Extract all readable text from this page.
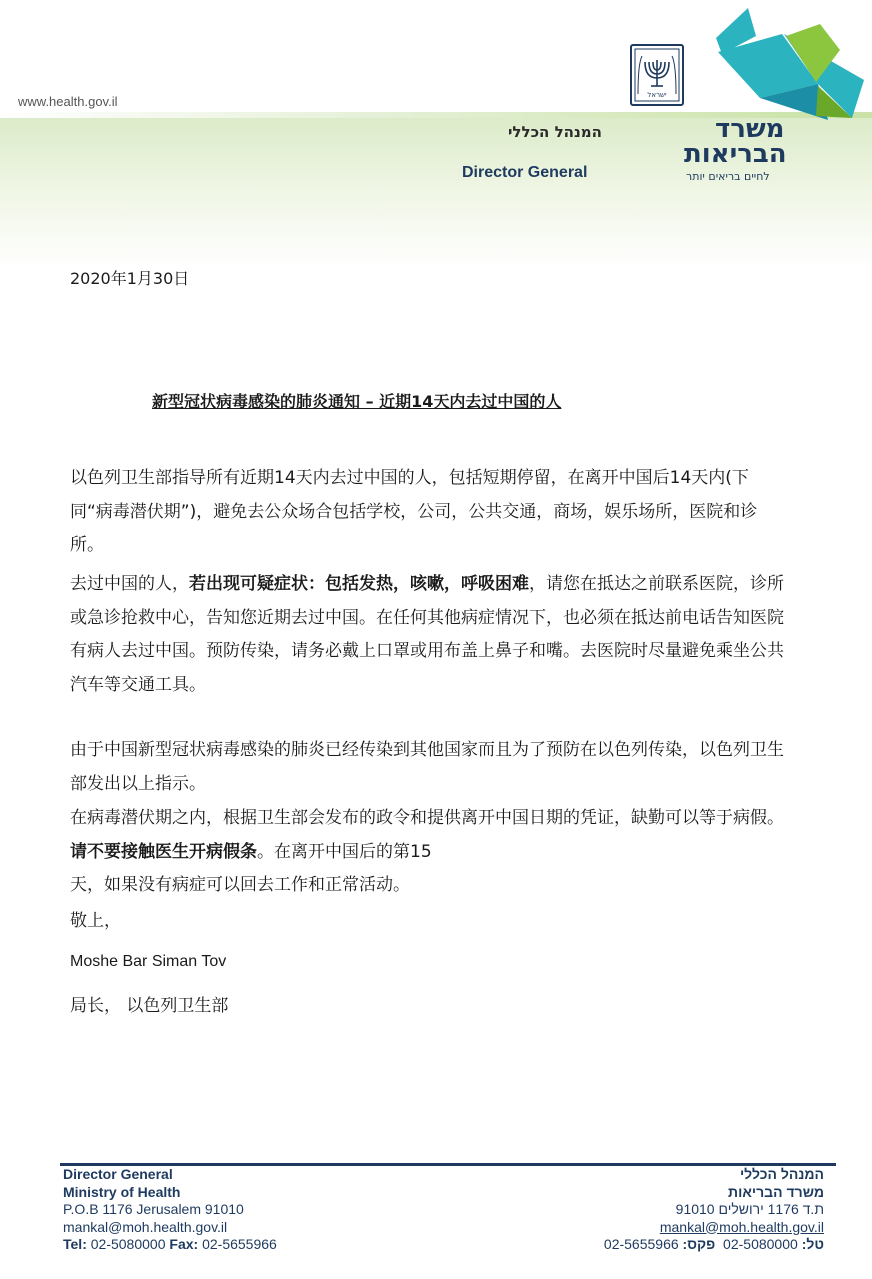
www.health.gov.il	ישראל
המנהל הכללי
Director General
משרד
הבריאות
לחיים בריאים יותר
2020年1月30日
新型冠状病毒感染的肺炎通知 – 近期14天内去过中国的人
以色列卫生部指导所有近期14天内去过中国的人，包括短期停留，在离开中国后14天内(下同“病毒潜伏期”)，避免去公众场合包括学校，公司，公共交通，商场，娱乐场所，医院和诊所。
去过中国的人，若出现可疑症状：包括发热，咳嗽，呼吸困难，请您在抵达之前联系医院，诊所或急诊抢救中心，告知您近期去过中国。在任何其他病症情况下，也必须在抵达前电话告知医院有病人去过中国。预防传染，请务必戴上口罩或用布盖上鼻子和嘴。去医院时尽量避免乘坐公共汽车等交通工具。
由于中国新型冠状病毒感染的肺炎已经传染到其他国家而且为了预防在以色列传染，以色列卫生部发出以上指示。
在病毒潜伏期之内，根据卫生部会发布的政令和提供离开中国日期的凭证，缺勤可以等于病假。请不要接触医生开病假条。在离开中国后的第15
天，如果没有病症可以回去工作和正常活动。
敬上，
Moshe Bar Siman Tov
局长， 以色列卫生部
Director General
Ministry of Health
P.O.B 1176 Jerusalem 91010
mankal@moh.health.gov.il
Tel: 02-5080000 Fax: 02-5655966
המנהל הכללי
משרד הבריאות
ת.ד 1176 ירושלים 91010
mankal@moh.health.gov.il
טל: 02-5080000  פקס: 02-5655966
